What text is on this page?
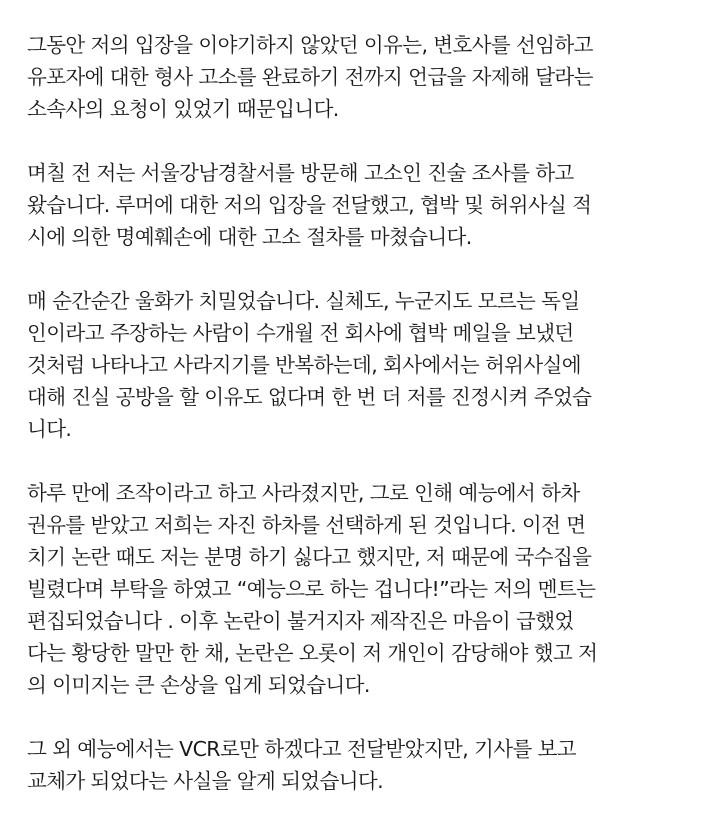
그동안 저의 입장을 이야기하지 않았던 이유는, 변호사를 선임하고
유포자에 대한 형사 고소를 완료하기 전까지 언급을 자제해 달라는
소속사의 요청이 있었기 때문입니다.

며칠 전 저는 서울강남경찰서를 방문해 고소인 진술 조사를 하고
왔습니다. 루머에 대한 저의 입장을 전달했고, 협박 및 허위사실 적
시에 의한 명예훼손에 대한 고소 절차를 마쳤습니다.

매 순간순간 울화가 치밀었습니다. 실체도, 누군지도 모르는 독일
인이라고 주장하는 사람이 수개월 전 회사에 협박 메일을 보냈던
것처럼 나타나고 사라지기를 반복하는데, 회사에서는 허위사실에
대해 진실 공방을 할 이유도 없다며 한 번 더 저를 진정시켜 주었습
니다.

하루 만에 조작이라고 하고 사라졌지만, 그로 인해 예능에서 하차
권유를 받았고 저희는 자진 하차를 선택하게 된 것입니다. 이전 면
치기 논란 때도 저는 분명 하기 싫다고 했지만, 저 때문에 국수집을
빌렸다며 부탁을 하였고 “예능으로 하는 겁니다!”라는 저의 멘트는
편집되었습니다 . 이후 논란이 불거지자 제작진은 마음이 급했었
다는 황당한 말만 한 채, 논란은 오롯이 저 개인이 감당해야 했고 저
의 이미지는 큰 손상을 입게 되었습니다.

그 외 예능에서는 VCR로만 하겠다고 전달받았지만, 기사를 보고
교체가 되었다는 사실을 알게 되었습니다.
